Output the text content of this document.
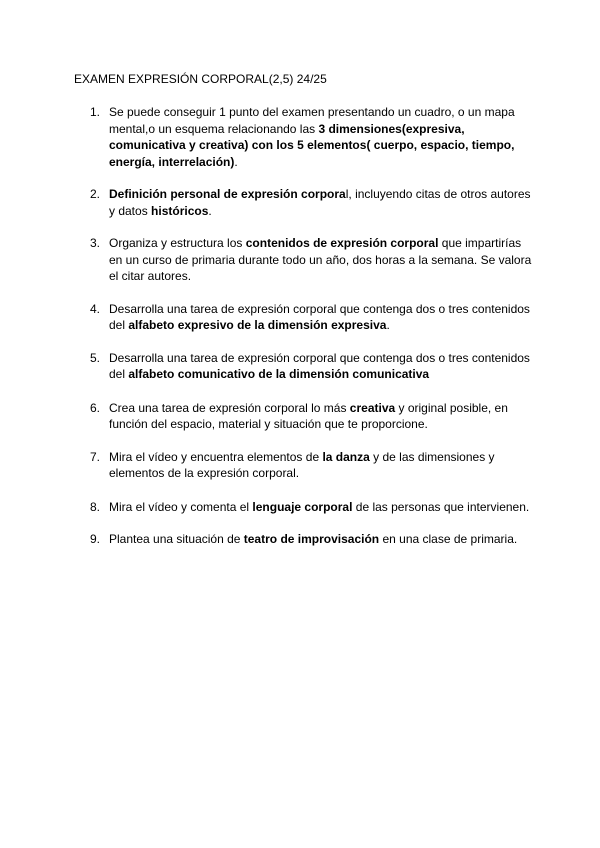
EXAMEN EXPRESIÓN CORPORAL(2,5) 24/25
1. Se puede conseguir 1 punto del examen presentando un cuadro, o un mapa mental,o un esquema relacionando las 3 dimensiones(expresiva, comunicativa y creativa) con los 5 elementos( cuerpo, espacio, tiempo, energía, interrelación).
2. Definición personal de expresión corporal, incluyendo citas de otros autores y datos históricos.
3. Organiza y estructura los contenidos de expresión corporal que impartirías en un curso de primaria durante todo un año, dos horas a la semana. Se valora el citar autores.
4. Desarrolla una tarea de expresión corporal que contenga dos o tres contenidos del alfabeto expresivo de la dimensión expresiva.
5. Desarrolla una tarea de expresión corporal que contenga dos o tres contenidos del alfabeto comunicativo de la dimensión comunicativa
6. Crea una tarea de expresión corporal lo más creativa y original posible, en función del espacio, material y situación que te proporcione.
7. Mira el vídeo y encuentra elementos de la danza y de las dimensiones y elementos de la expresión corporal.
8. Mira el vídeo y comenta el lenguaje corporal de las personas que intervienen.
9. Plantea una situación de teatro de improvisación en una clase de primaria.
